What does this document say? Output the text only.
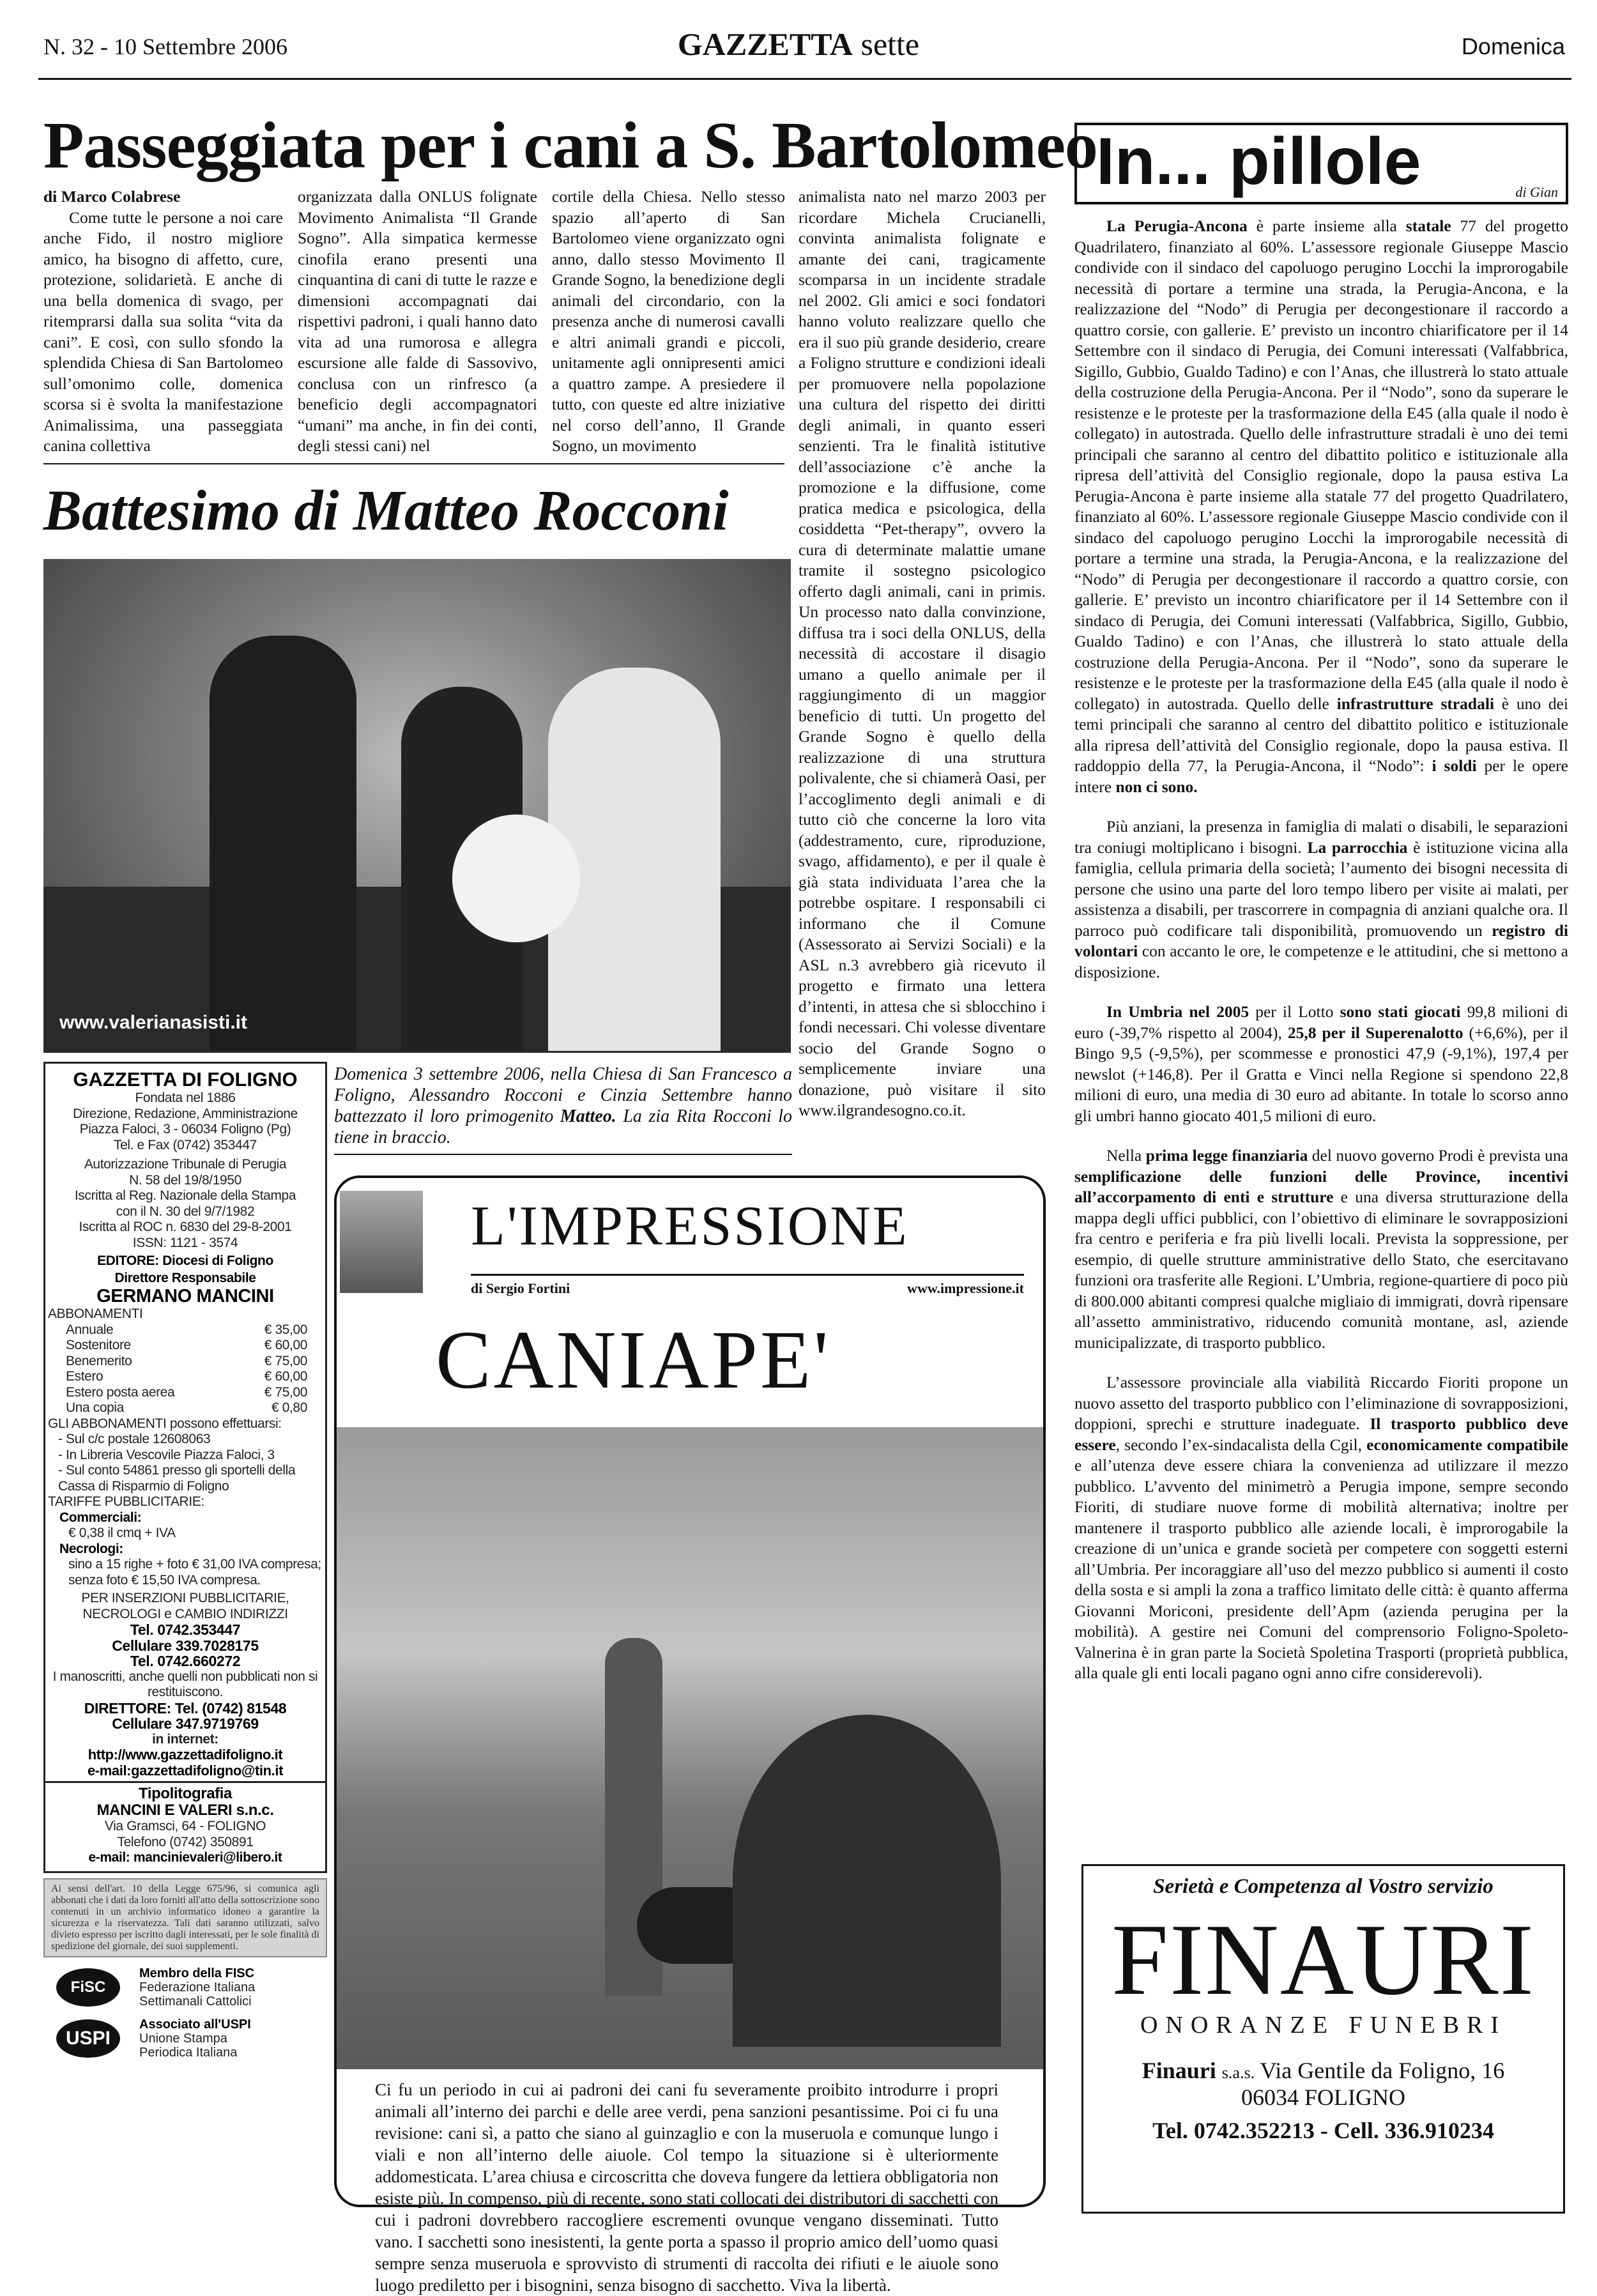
N. 32 - 10 Settembre 2006	GAZZETTA sette	Domenica
Passeggiata per i cani a S. Bartolomeo
di Marco Colabrese
Come tutte le persone a noi care anche Fido, il nostro migliore amico, ha bisogno di affetto, cure, protezione, solidarietà. E anche di una bella domenica di svago, per ritemprarsi dalla sua solita “vita da cani”. E così, con sullo sfondo la splendida Chiesa di San Bartolomeo sull’omonimo colle, domenica scorsa si è svolta la manifestazione Animalissima, una passeggiata canina collettiva
organizzata dalla ONLUS folignate Movimento Animalista “Il Grande Sogno”. Alla simpatica kermesse cinofila erano presenti una cinquantina di cani di tutte le razze e dimensioni accompagnati dai rispettivi padroni, i quali hanno dato vita ad una rumorosa e allegra escursione alle falde di Sassovivo, conclusa con un rinfresco (a beneficio degli accompagnatori “umani” ma anche, in fin dei conti, degli stessi cani) nel
cortile della Chiesa. Nello stesso spazio all’aperto di San Bartolomeo viene organizzato ogni anno, dallo stesso Movimento Il Grande Sogno, la benedizione degli animali del circondario, con la presenza anche di numerosi cavalli e altri animali grandi e piccoli, unitamente agli onnipresenti amici a quattro zampe. A presiedere il tutto, con queste ed altre iniziative nel corso dell’anno, Il Grande Sogno, un movimento
animalista nato nel marzo 2003 per ricordare Michela Crucianelli, convinta animalista folignate e amante dei cani, tragicamente scomparsa in un incidente stradale nel 2002. Gli amici e soci fondatori hanno voluto realizzare quello che era il suo più grande desiderio, creare a Foligno strutture e condizioni ideali per promuovere nella popolazione una cultura del rispetto dei diritti degli animali, in quanto esseri senzienti. Tra le finalità istitutive dell’associazione c’è anche la promozione e la diffusione, come pratica medica e psicologica, della cosiddetta “Pet-therapy”, ovvero la cura di determinate malattie umane tramite il sostegno psicologico offerto dagli animali, cani in primis. Un processo nato dalla convinzione, diffusa tra i soci della ONLUS, della necessità di accostare il disagio umano a quello animale per il raggiungimento di un maggior beneficio di tutti. Un progetto del Grande Sogno è quello della realizzazione di una struttura polivalente, che si chiamerà Oasi, per l’accoglimento degli animali e di tutto ciò che concerne la loro vita (addestramento, cure, riproduzione, svago, affidamento), e per il quale è già stata individuata l’area che la potrebbe ospitare. I responsabili ci informano che il Comune (Assessorato ai Servizi Sociali) e la ASL n.3 avrebbero già ricevuto il progetto e firmato una lettera d’intenti, in attesa che si sblocchino i fondi necessari. Chi volesse diventare socio del Grande Sogno o semplicemente inviare una donazione, può visitare il sito www.ilgrandesogno.co.it.
Battesimo di Matteo Rocconi
www.valerianasisti.it
Domenica 3 settembre 2006, nella Chiesa di San Francesco a Foligno, Alessandro Rocconi e Cinzia Settembre hanno battezzato il loro primogenito Matteo. La zia Rita Rocconi lo tiene in braccio.
GAZZETTA DI FOLIGNO
Fondata nel 1886
Direzione, Redazione, Amministrazione
Piazza Faloci, 3 - 06034 Foligno (Pg)
Tel. e Fax (0742) 353447
Autorizzazione Tribunale di Perugia
N. 58 del 19/8/1950
Iscritta al Reg. Nazionale della Stampa
con il N. 30 del 9/7/1982
Iscritta al ROC n. 6830 del 29-8-2001
ISSN: 1121 - 3574
EDITORE: Diocesi di Foligno
Direttore Responsabile
GERMANO MANCINI
ABBONAMENTI
Annuale	€ 35,00
Sostenitore	€ 60,00
Benemerito	€ 75,00
Estero	€ 60,00
Estero posta aerea	€ 75,00
Una copia	€ 0,80
GLI ABBONAMENTI possono effettuarsi:
- Sul c/c postale 12608063
- In Libreria Vescovile Piazza Faloci, 3
- Sul conto 54861 presso gli sportelli della Cassa di Risparmio di Foligno
TARIFFE PUBBLICITARIE:
Commerciali:
€ 0,38 il cmq + IVA
Necrologi:
sino a 15 righe + foto € 31,00 IVA compresa; senza foto € 15,50 IVA compresa.
PER INSERZIONI PUBBLICITARIE, NECROLOGI e CAMBIO INDIRIZZI
Tel. 0742.353447
Cellulare 339.7028175
Tel. 0742.660272
I manoscritti, anche quelli non pubblicati non si restituiscono.
DIRETTORE: Tel. (0742) 81548
Cellulare 347.9719769
in internet:
http://www.gazzettadifoligno.it
e-mail:gazzettadifoligno@tin.it
Tipolitografia
MANCINI E VALERI s.n.c.
Via Gramsci, 64 - FOLIGNO
Telefono (0742) 350891
e-mail: mancinievaleri@libero.it
Ai sensi dell'art. 10 della Legge 675/96, si comunica agli abbonati che i dati da loro forniti all'atto della sottoscrizione sono contenuti in un archivio informatico idoneo a garantire la sicurezza e la riservatezza. Tali dati saranno utilizzati, salvo divieto espresso per iscritto dagli interessati, per le sole finalità di spedizione del giornale, dei suoi supplementi.
FiSC
Membro della FISC
Federazione Italiana
Settimanali Cattolici
USPI
Associato all'USPI
Unione Stampa
Periodica Italiana
L'IMPRESSIONE
di Sergio Fortini	www.impressione.it
CANIAPE'
Ci fu un periodo in cui ai padroni dei cani fu severamente proibito introdurre i propri animali all’interno dei parchi e delle aree verdi, pena sanzioni pesantissime. Poi ci fu una revisione: cani sì, a patto che siano al guinzaglio e con la museruola e comunque lungo i viali e non all’interno delle aiuole. Col tempo la situazione si è ulteriormente addomesticata. L’area chiusa e circoscritta che doveva fungere da lettiera obbligatoria non esiste più. In compenso, più di recente, sono stati collocati dei distributori di sacchetti con cui i padroni dovrebbero raccogliere escrementi ovunque vengano disseminati. Tutto vano. I sacchetti sono inesistenti, la gente porta a spasso il proprio amico dell’uomo quasi sempre senza museruola e sprovvisto di strumenti di raccolta dei rifiuti e le aiuole sono luogo prediletto per i bisognini, senza bisogno di sacchetto. Viva la libertà.
In... pillole	di Gian

La Perugia-Ancona è parte insieme alla statale 77 del progetto Quadrilatero, finanziato al 60%. L’assessore regionale Giuseppe Mascio condivide con il sindaco del capoluogo perugino Locchi la improrogabile necessità di portare a termine una strada, la Perugia-Ancona, e la realizzazione del “Nodo” di Perugia per decongestionare il raccordo a quattro corsie, con gallerie. E’ previsto un incontro chiarificatore per il 14 Settembre con il sindaco di Perugia, dei Comuni interessati (Valfabbrica, Sigillo, Gubbio, Gualdo Tadino) e con l’Anas, che illustrerà lo stato attuale della costruzione della Perugia-Ancona. Per il “Nodo”, sono da superare le resistenze e le proteste per la trasformazione della E45 (alla quale il nodo è collegato) in autostrada. Quello delle infrastrutture stradali è uno dei temi principali che saranno al centro del dibattito politico e istituzionale alla ripresa dell’attività del Consiglio regionale, dopo la pausa estiva La Perugia-Ancona è parte insieme alla statale 77 del progetto Quadrilatero, finanziato al 60%. L’assessore regionale Giuseppe Mascio condivide con il sindaco del capoluogo perugino Locchi la improrogabile necessità di portare a termine una strada, la Perugia-Ancona, e la realizzazione del “Nodo” di Perugia per decongestionare il raccordo a quattro corsie, con gallerie. E’ previsto un incontro chiarificatore per il 14 Settembre con il sindaco di Perugia, dei Comuni interessati (Valfabbrica, Sigillo, Gubbio, Gualdo Tadino) e con l’Anas, che illustrerà lo stato attuale della costruzione della Perugia-Ancona. Per il “Nodo”, sono da superare le resistenze e le proteste per la trasformazione della E45 (alla quale il nodo è collegato) in autostrada. Quello delle infrastrutture stradali è uno dei temi principali che saranno al centro del dibattito politico e istituzionale alla ripresa dell’attività del Consiglio regionale, dopo la pausa estiva. Il raddoppio della 77, la Perugia-Ancona, il “Nodo”: i soldi per le opere intere non ci sono.

Più anziani, la presenza in famiglia di malati o disabili, le separazioni tra coniugi moltiplicano i bisogni. La parrocchia è istituzione vicina alla famiglia, cellula primaria della società; l’aumento dei bisogni necessita di persone che usino una parte del loro tempo libero per visite ai malati, per assistenza a disabili, per trascorrere in compagnia di anziani qualche ora. Il parroco può codificare tali disponibilità, promuovendo un registro di volontari con accanto le ore, le competenze e le attitudini, che si mettono a disposizione.

In Umbria nel 2005 per il Lotto sono stati giocati 99,8 milioni di euro (-39,7% rispetto al 2004), 25,8 per il Superenalotto (+6,6%), per il Bingo 9,5 (-9,5%), per scommesse e pronostici 47,9 (-9,1%), 197,4 per newslot (+146,8). Per il Gratta e Vinci nella Regione si spendono 22,8 milioni di euro, una media di 30 euro ad abitante. In totale lo scorso anno gli umbri hanno giocato 401,5 milioni di euro.

Nella prima legge finanziaria del nuovo governo Prodi è prevista una semplificazione delle funzioni delle Province, incentivi all’accorpamento di enti e strutture e una diversa strutturazione della mappa degli uffici pubblici, con l’obiettivo di eliminare le sovrapposizioni fra centro e periferia e fra più livelli locali. Prevista la soppressione, per esempio, di quelle strutture amministrative dello Stato, che esercitavano funzioni ora trasferite alle Regioni. L’Umbria, regione-quartiere di poco più di 800.000 abitanti compresi qualche migliaio di immigrati, dovrà ripensare all’assetto amministrativo, riducendo comunità montane, asl, aziende municipalizzate, di trasporto pubblico.

L’assessore provinciale alla viabilità Riccardo Fioriti propone un nuovo assetto del trasporto pubblico con l’eliminazione di sovrapposizioni, doppioni, sprechi e strutture inadeguate. Il trasporto pubblico deve essere, secondo l’ex-sindacalista della Cgil, economicamente compatibile e all’utenza deve essere chiara la convenienza ad utilizzare il mezzo pubblico. L’avvento del minimetrò a Perugia impone, sempre secondo Fioriti, di studiare nuove forme di mobilità alternativa; inoltre per mantenere il trasporto pubblico alle aziende locali, è improrogabile la creazione di un’unica e grande società per competere con soggetti esterni all’Umbria. Per incoraggiare all’uso del mezzo pubblico si aumenti il costo della sosta e si ampli la zona a traffico limitato delle città: è quanto afferma Giovanni Moriconi, presidente dell’Apm (azienda perugina per la mobilità). A gestire nei Comuni del comprensorio Foligno-Spoleto-Valnerina è in gran parte la Società Spoletina Trasporti (proprietà pubblica, alla quale gli enti locali pagano ogni anno cifre considerevoli).

Serietà e Competenza al Vostro servizio
FINAURI
ONORANZE FUNEBRI
Finauri s.a.s. Via Gentile da Foligno, 16
06034 FOLIGNO
Tel. 0742.352213 - Cell. 336.910234
